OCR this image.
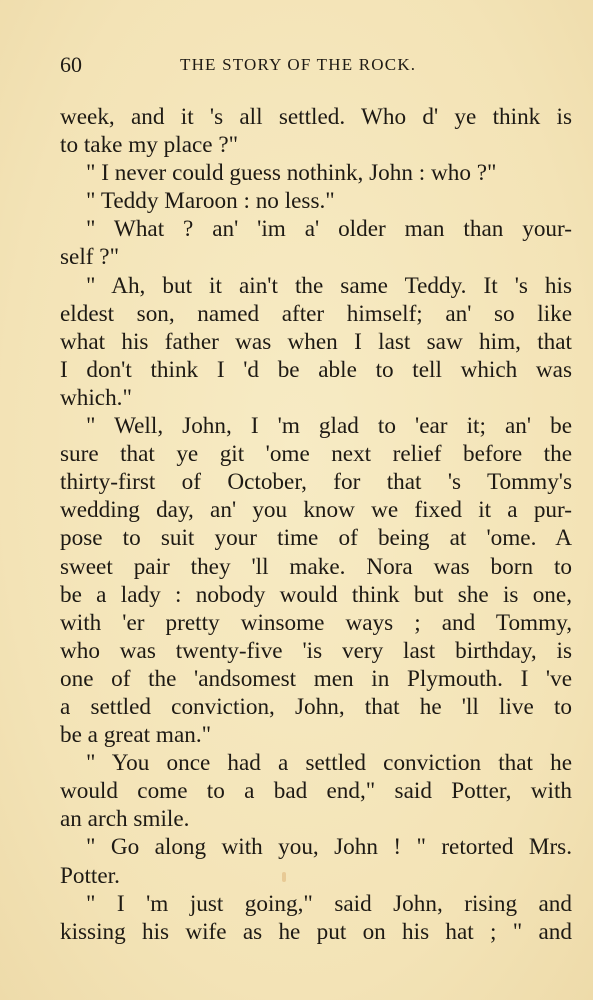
60	THE STORY OF THE ROCK.
week, and it 's all settled. Who d' ye think is
to take my place ?"
" I never could guess nothink, John : who ?"
" Teddy Maroon : no less."
" What ? an' 'im a' older man than your-
self ?"
" Ah, but it ain't the same Teddy. It 's his
eldest son, named after himself; an' so like
what his father was when I last saw him, that
I don't think I 'd be able to tell which was
which."
" Well, John, I 'm glad to 'ear it; an' be
sure that ye git 'ome next relief before the
thirty-first of October, for that 's Tommy's
wedding day, an' you know we fixed it a pur-
pose to suit your time of being at 'ome. A
sweet pair they 'll make. Nora was born to
be a lady : nobody would think but she is one,
with 'er pretty winsome ways ; and Tommy,
who was twenty-five 'is very last birthday, is
one of the 'andsomest men in Plymouth. I 've
a settled conviction, John, that he 'll live to
be a great man."
" You once had a settled conviction that he
would come to a bad end," said Potter, with
an arch smile.
" Go along with you, John ! " retorted Mrs.
Potter.
" I 'm just going," said John, rising and
kissing his wife as he put on his hat ; " and
